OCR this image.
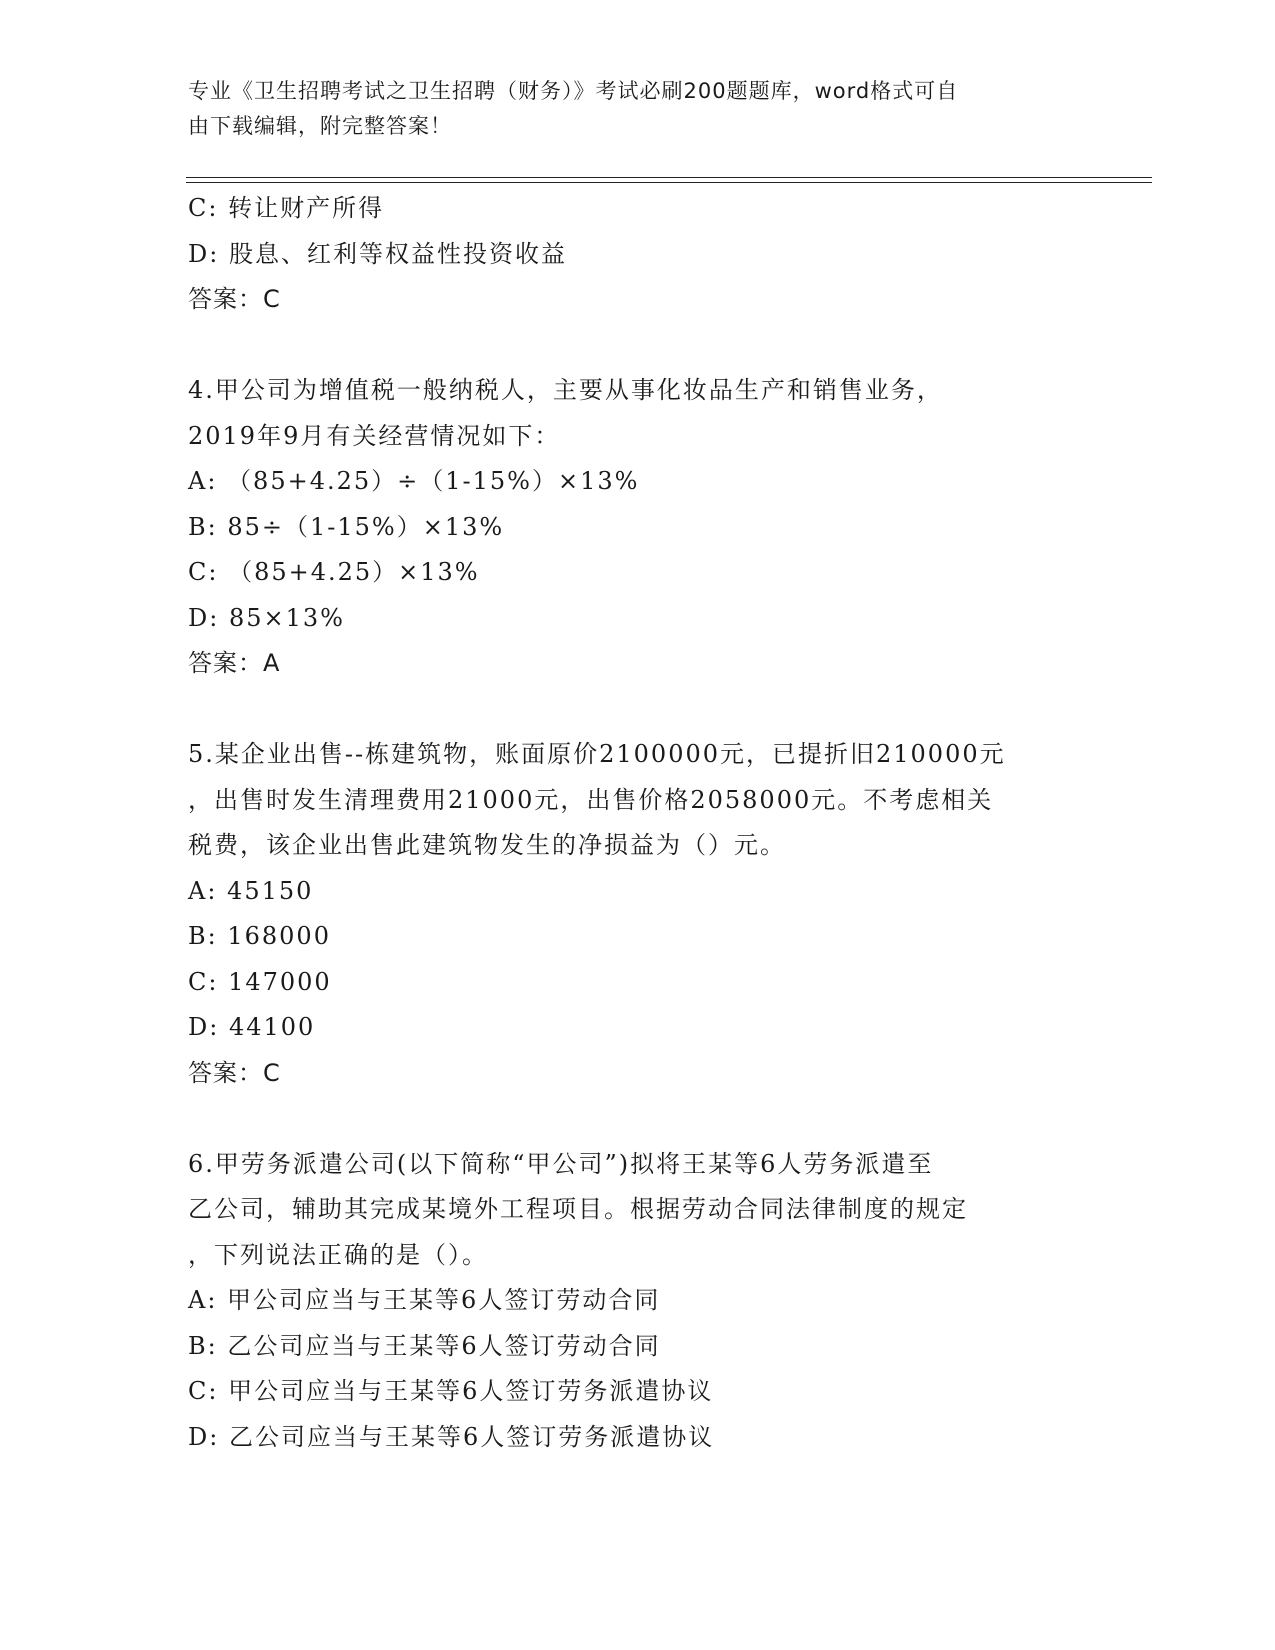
专业《卫生招聘考试之卫生招聘（财务）》考试必刷200题题库，word格式可自
由下载编辑，附完整答案！
C: 转让财产所得
D: 股息、红利等权益性投资收益
答案：C
4.甲公司为增值税一般纳税人，主要从事化妆品生产和销售业务，
2019年9月有关经营情况如下：
A: （85+4.25）÷（1-15%）×13%
B: 85÷（1-15%）×13%
C: （85+4.25）×13%
D: 85×13%
答案：A
5.某企业出售--栋建筑物，账面原价2100000元，已提折旧210000元
，出售时发生清理费用21000元，出售价格2058000元。不考虑相关
税费，该企业出售此建筑物发生的净损益为（）元。
A: 45150
B: 168000
C: 147000
D: 44100
答案：C
6.甲劳务派遣公司(以下简称“甲公司”)拟将王某等6人劳务派遣至
乙公司，辅助其完成某境外工程项目。根据劳动合同法律制度的规定
，下列说法正确的是（）。
A: 甲公司应当与王某等6人签订劳动合同
B: 乙公司应当与王某等6人签订劳动合同
C: 甲公司应当与王某等6人签订劳务派遣协议
D: 乙公司应当与王某等6人签订劳务派遣协议
